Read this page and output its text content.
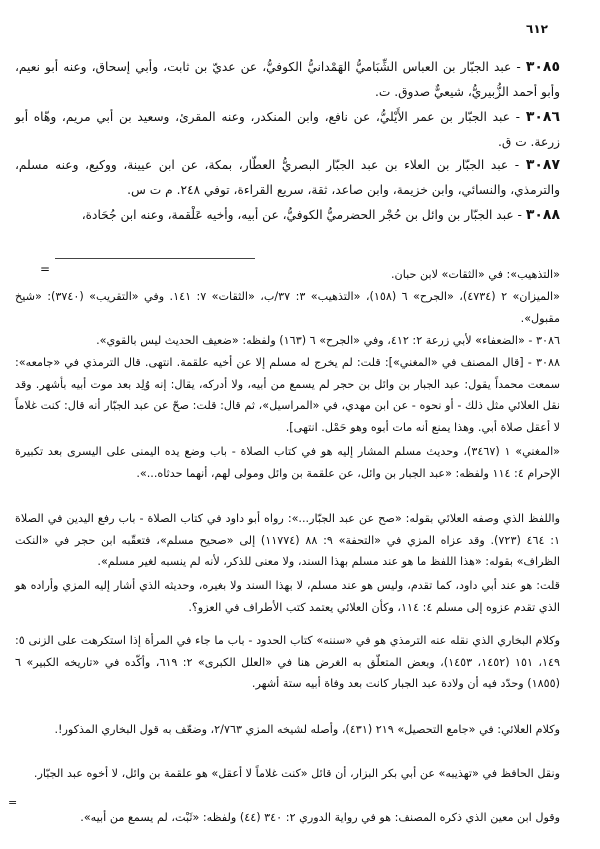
٦١٢

٣٠٨٥ - عبد الجبّار بن العباس الشِّبَاميُّ الهَمْدانيُّ الكوفيُّ، عن عديّ بن ثابت، وأبي إسحاق، وعنه أبو نعيم، وأبو أحمد الزُّبيريُّ، شيعيٌّ صدوق. ت.

٣٠٨٦ - عبد الجبّار بن عمر الأَيْليُّ، عن نافع، وابن المنكدر، وعنه المقرئ، وسعيد بن أبي مريم، وهّاه أبو زرعة. ت ق.

٣٠٨٧ - عبد الجبّار بن العلاء بن عبد الجبّار البصريُّ العطّار، بمكة، عن ابن عيينة، ووكيع، وعنه مسلم، والترمذي، والنسائي، وابن خزيمة، وابن صاعد، ثقة، سريع القراءة، توفي ٢٤٨. م ت س.

٣٠٨٨ - عبد الجبّار بن وائل بن حُجْر الحضرميُّ الكوفيُّ، عن أبيه، وأخيه عَلْقمة، وعنه ابن جُحَادة،

=	«التذهيب»: في «الثقات» لابن حبان.

«الميزان» ٢ (٤٧٣٤)، «الجرح» ٦ (١٥٨)، «التذهيب» ٣: ٣٧/ب، «الثقات» ٧: ١٤١. وفي «التقريب» (٣٧٤٠): «شيخ مقبول».

٣٠٨٦ - «الضعفاء» لأبي زرعة ٢: ٤١٢، وفي «الجرح» ٦ (١٦٣) ولفظه: «ضعيف الحديث ليس بالقوي».

٣٠٨٨ - [قال المصنف في «المغني»]: قلت: لم يخرج له مسلم إلا عن أخيه علقمة. انتهى. قال الترمذي في «جامعه»: سمعت محمداً يقول: عبد الجبار بن وائل بن حجر لم يسمع من أبيه، ولا أدركه، يقال: إنه وُلِد بعد موت أبيه بأشهر. وقد نقل العلائي مثل ذلك - أو نحوه - عن ابن مهدي، في «المراسيل»، ثم قال: قلت: صحّ عن عبد الجبّار أنه قال: كنت غلاماً لا أعقل صلاة أبي. وهذا يمنع أنه مات أبوه وهو حَمْل. انتهى].

«المغني» ١ (٣٤٦٧)، وحديث مسلم المشار إليه هو في كتاب الصلاة - باب وضع يده اليمنى على اليسرى بعد تكبيرة الإحرام ٤: ١١٤ ولفظه: «عبد الجبار بن وائل، عن علقمة بن وائل ومولى لهم، أنهما حدثاه...».

واللفظ الذي وصفه العلائي بقوله: «صح عن عبد الجبّار...»: رواه أبو داود في كتاب الصلاة - باب رفع اليدين في الصلاة ١: ٤٦٤ (٧٢٣). وقد عزاه المزي في «التحفة» ٩: ٨٨ (١١٧٧٤) إلى «صحيح مسلم»، فتعقّبه ابن حجر في «النكت الظراف» بقوله: «هذا اللفظ ما هو عند مسلم بهذا السند، ولا معنى للذكر، لأنه لم ينسبه لغير مسلم».

قلت: هو عند أبي داود، كما تقدم، وليس هو عند مسلم، لا بهذا السند ولا بغيره، وحديثه الذي أشار إليه المزي وأراده هو الذي تقدم عزوه إلى مسلم ٤: ١١٤، وكأن العلائي يعتمد كتب الأطراف في العزو؟.

وكلام البخاري الذي نقله عنه الترمذي هو في «سننه» كتاب الحدود - باب ما جاء في المرأة إذا استكرهت على الزنى ٥: ١٤٩، ١٥١ (١٤٥٢، ١٤٥٣)، وبعض المتعلّق به الغرض هنا في «العلل الكبرى» ٢: ٦١٩، وأكّده في «تاريخه الكبير» ٦ (١٨٥٥) وحدّد فيه أن ولادة عبد الجبار كانت بعد وفاة أبيه ستة أشهر.

وكلام العلائي: في «جامع التحصيل» ٢١٩ (٤٣١)، وأصله لشيخه المزي ٢/٧٦٣، وضعّف به قول البخاري المذكور!.

ونقل الحافظ في «تهذيبه» عن أبي بكر البزار، أن قائل «كنت غلاماً لا أعقل» هو علقمة بن وائل، لا أخوه عبد الجبّار.

وقول ابن معين الذي ذكره المصنف: هو في رواية الدوري ٢: ٣٤٠ (٤٤) ولفظه: «ثَبْت، لم يسمع من أبيه».

=
